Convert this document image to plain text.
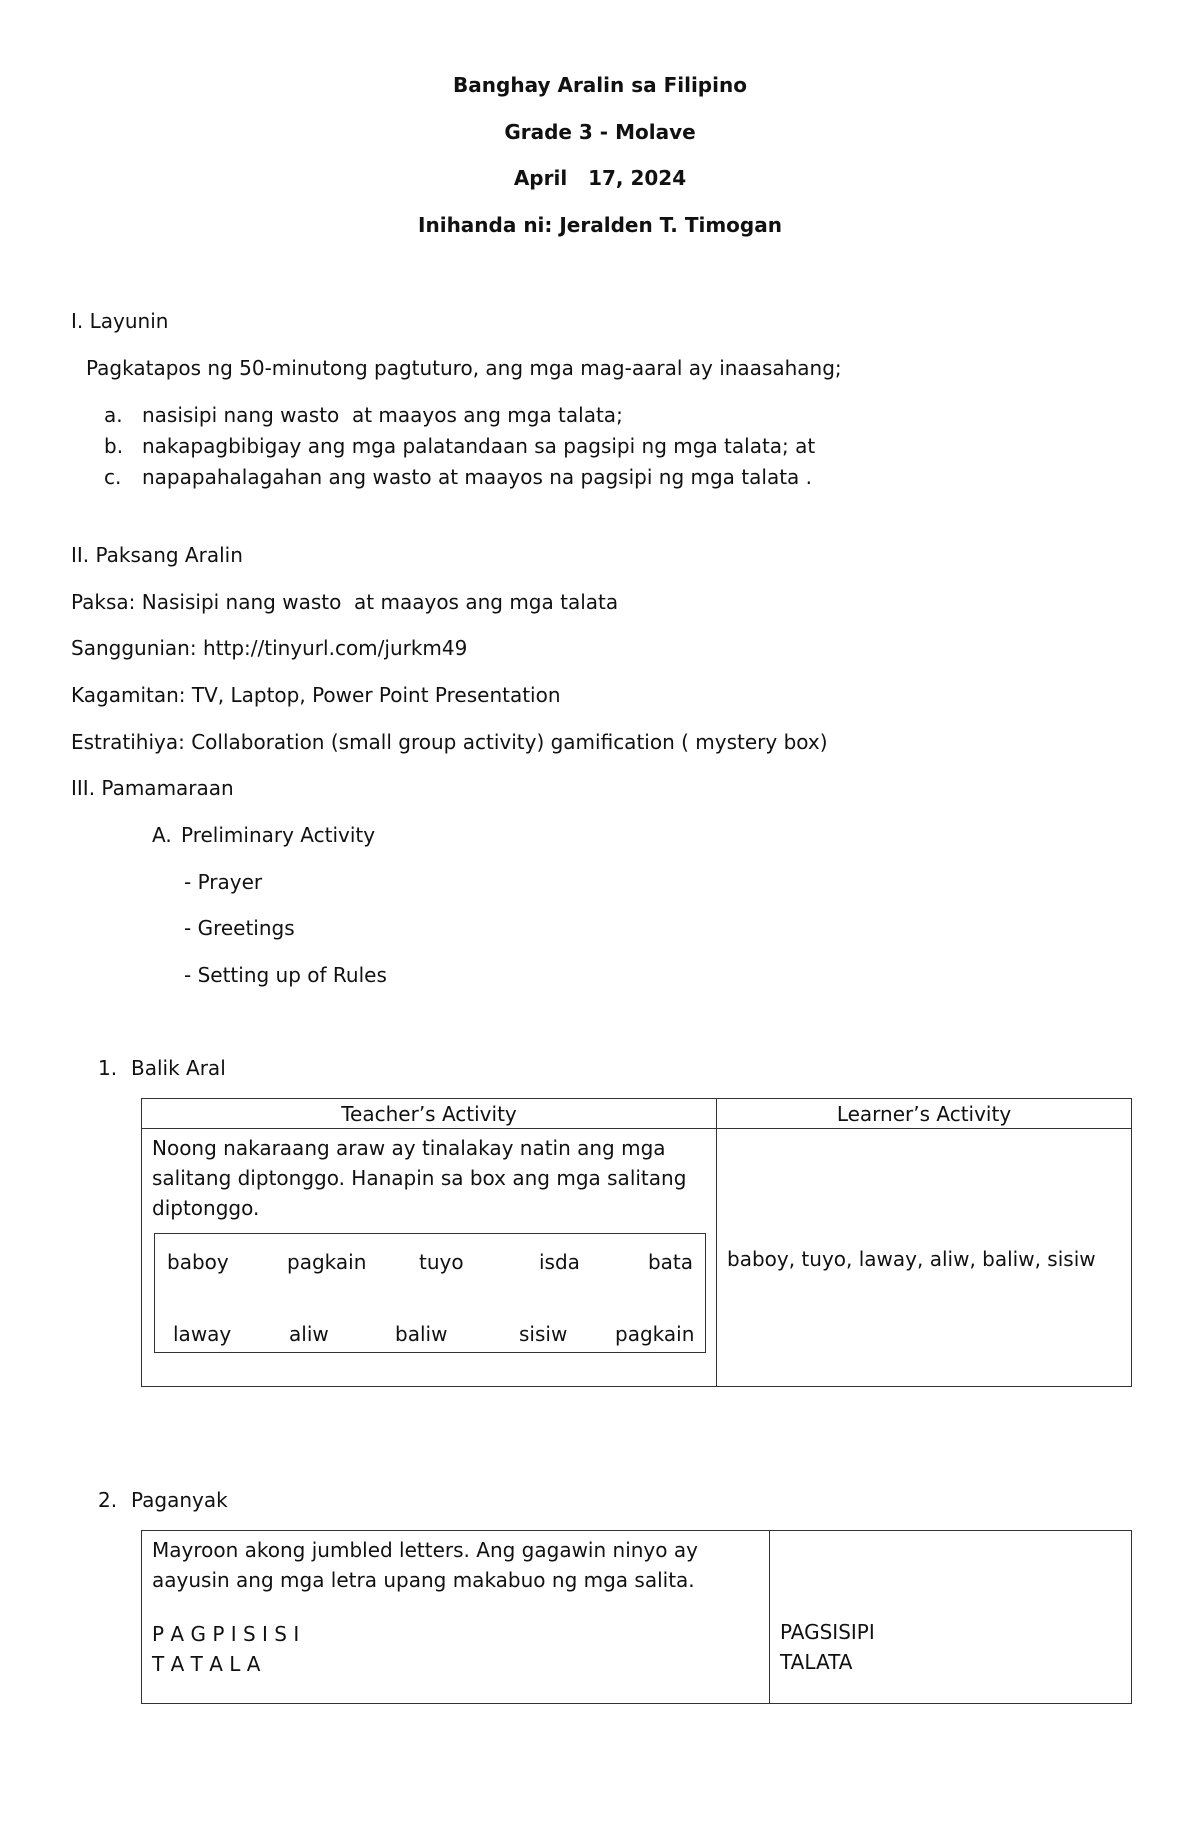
Banghay Aralin sa Filipino
Grade 3 - Molave
April   17, 2024
Inihanda ni: Jeralden T. Timogan
I. Layunin
Pagkatapos ng 50-minutong pagtuturo, ang mga mag-aaral ay inaasahang;
a. nasisipi nang wasto  at maayos ang mga talata;
b. nakapagbibigay ang mga palatandaan sa pagsipi ng mga talata; at
c. napapahalagahan ang wasto at maayos na pagsipi ng mga talata .
II. Paksang Aralin
Paksa: Nasisipi nang wasto  at maayos ang mga talata
Sanggunian: http://tinyurl.com/jurkm49
Kagamitan: TV, Laptop, Power Point Presentation
Estratihiya: Collaboration (small group activity) gamification ( mystery box)
III. Pamamaraan
A. Preliminary Activity
- Prayer
- Greetings
- Setting up of Rules
1. Balik Aral
Teacher’s Activity	Learner’s Activity

Noong nakaraang araw ay tinalakay natin ang mga salitang diptonggo. Hanapin sa box ang mga salitang diptonggo.
baboy	pagkain	tuyo	isda	bata
laway	aliw	baliw	sisiw	pagkain

baboy, tuyo, laway, aliw, baliw, sisiw
2. Paganyak
Mayroon akong jumbled letters. Ang gagawin ninyo ay aayusin ang mga letra upang makabuo ng mga salita.
P A G P I S I S I
T A T A L A

PAGSISIPI
TALATA
